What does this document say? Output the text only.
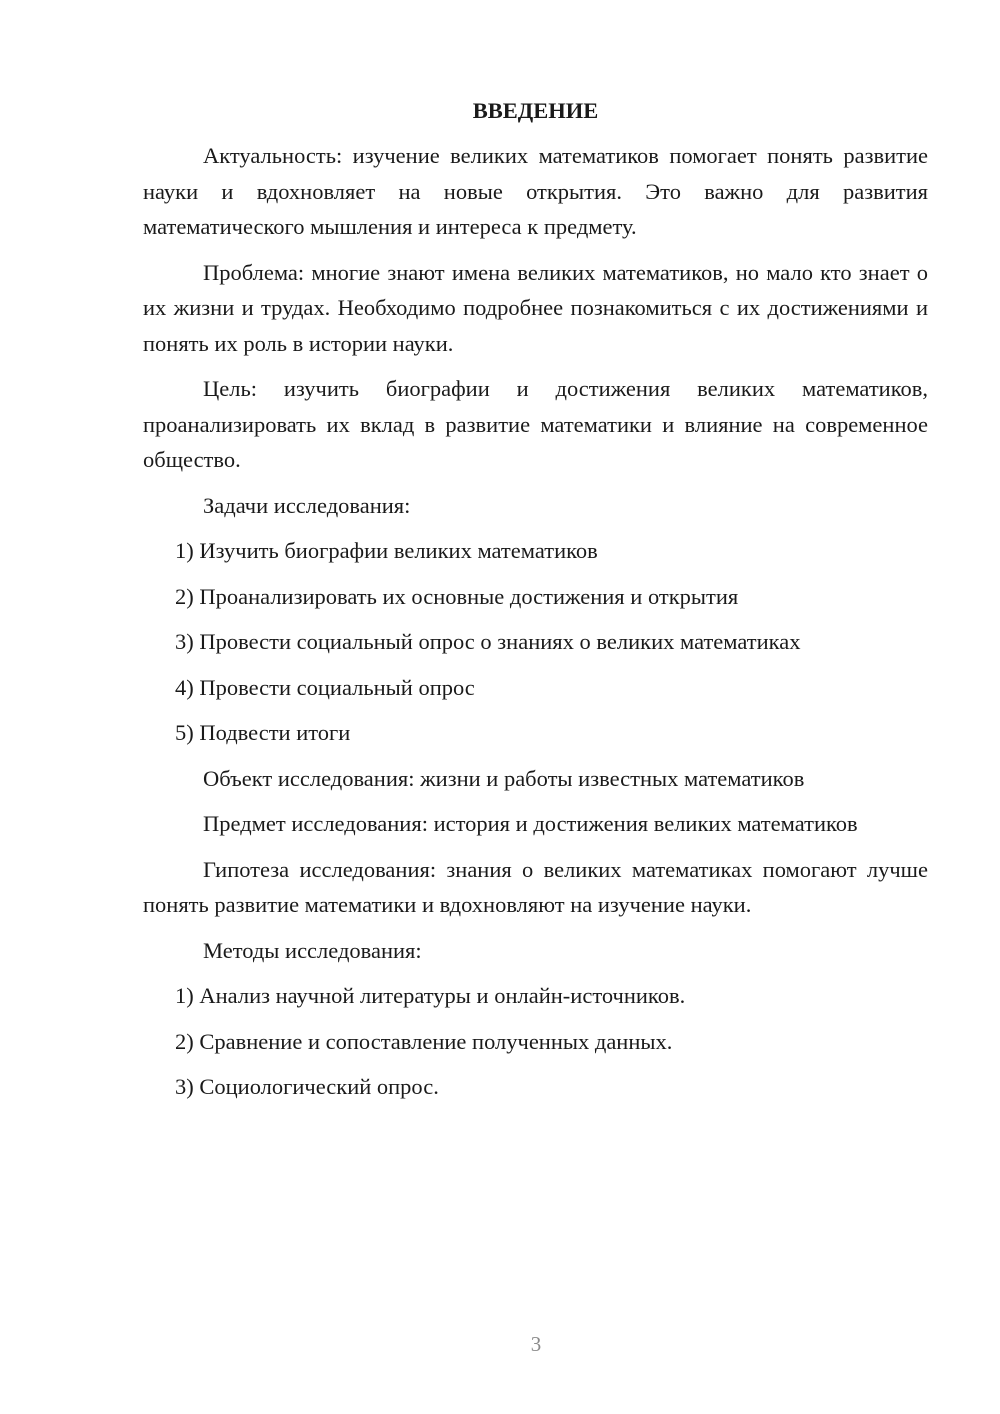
ВВЕДЕНИЕ

Актуальность: изучение великих математиков помогает понять развитие науки и вдохновляет на новые открытия. Это важно для развития математического мышления и интереса к предмету.

Проблема: многие знают имена великих математиков, но мало кто знает о их жизни и трудах. Необходимо подробнее познакомиться с их достижениями и понять их роль в истории науки.

Цель: изучить биографии и достижения великих математиков, проанализировать их вклад в развитие математики и влияние на современное общество.

Задачи исследования:

1) Изучить биографии великих математиков
2) Проанализировать их основные достижения и открытия
3) Провести социальный опрос о знаниях о великих математиках
4) Провести социальный опрос
5) Подвести итоги

Объект исследования: жизни и работы известных математиков

Предмет исследования: история и достижения великих математиков

Гипотеза исследования: знания о великих математиках помогают лучше понять развитие математики и вдохновляют на изучение науки.

Методы исследования:

1) Анализ научной литературы и онлайн-источников.
2) Сравнение и сопоставление полученных данных.
3) Социологический опрос.
3
